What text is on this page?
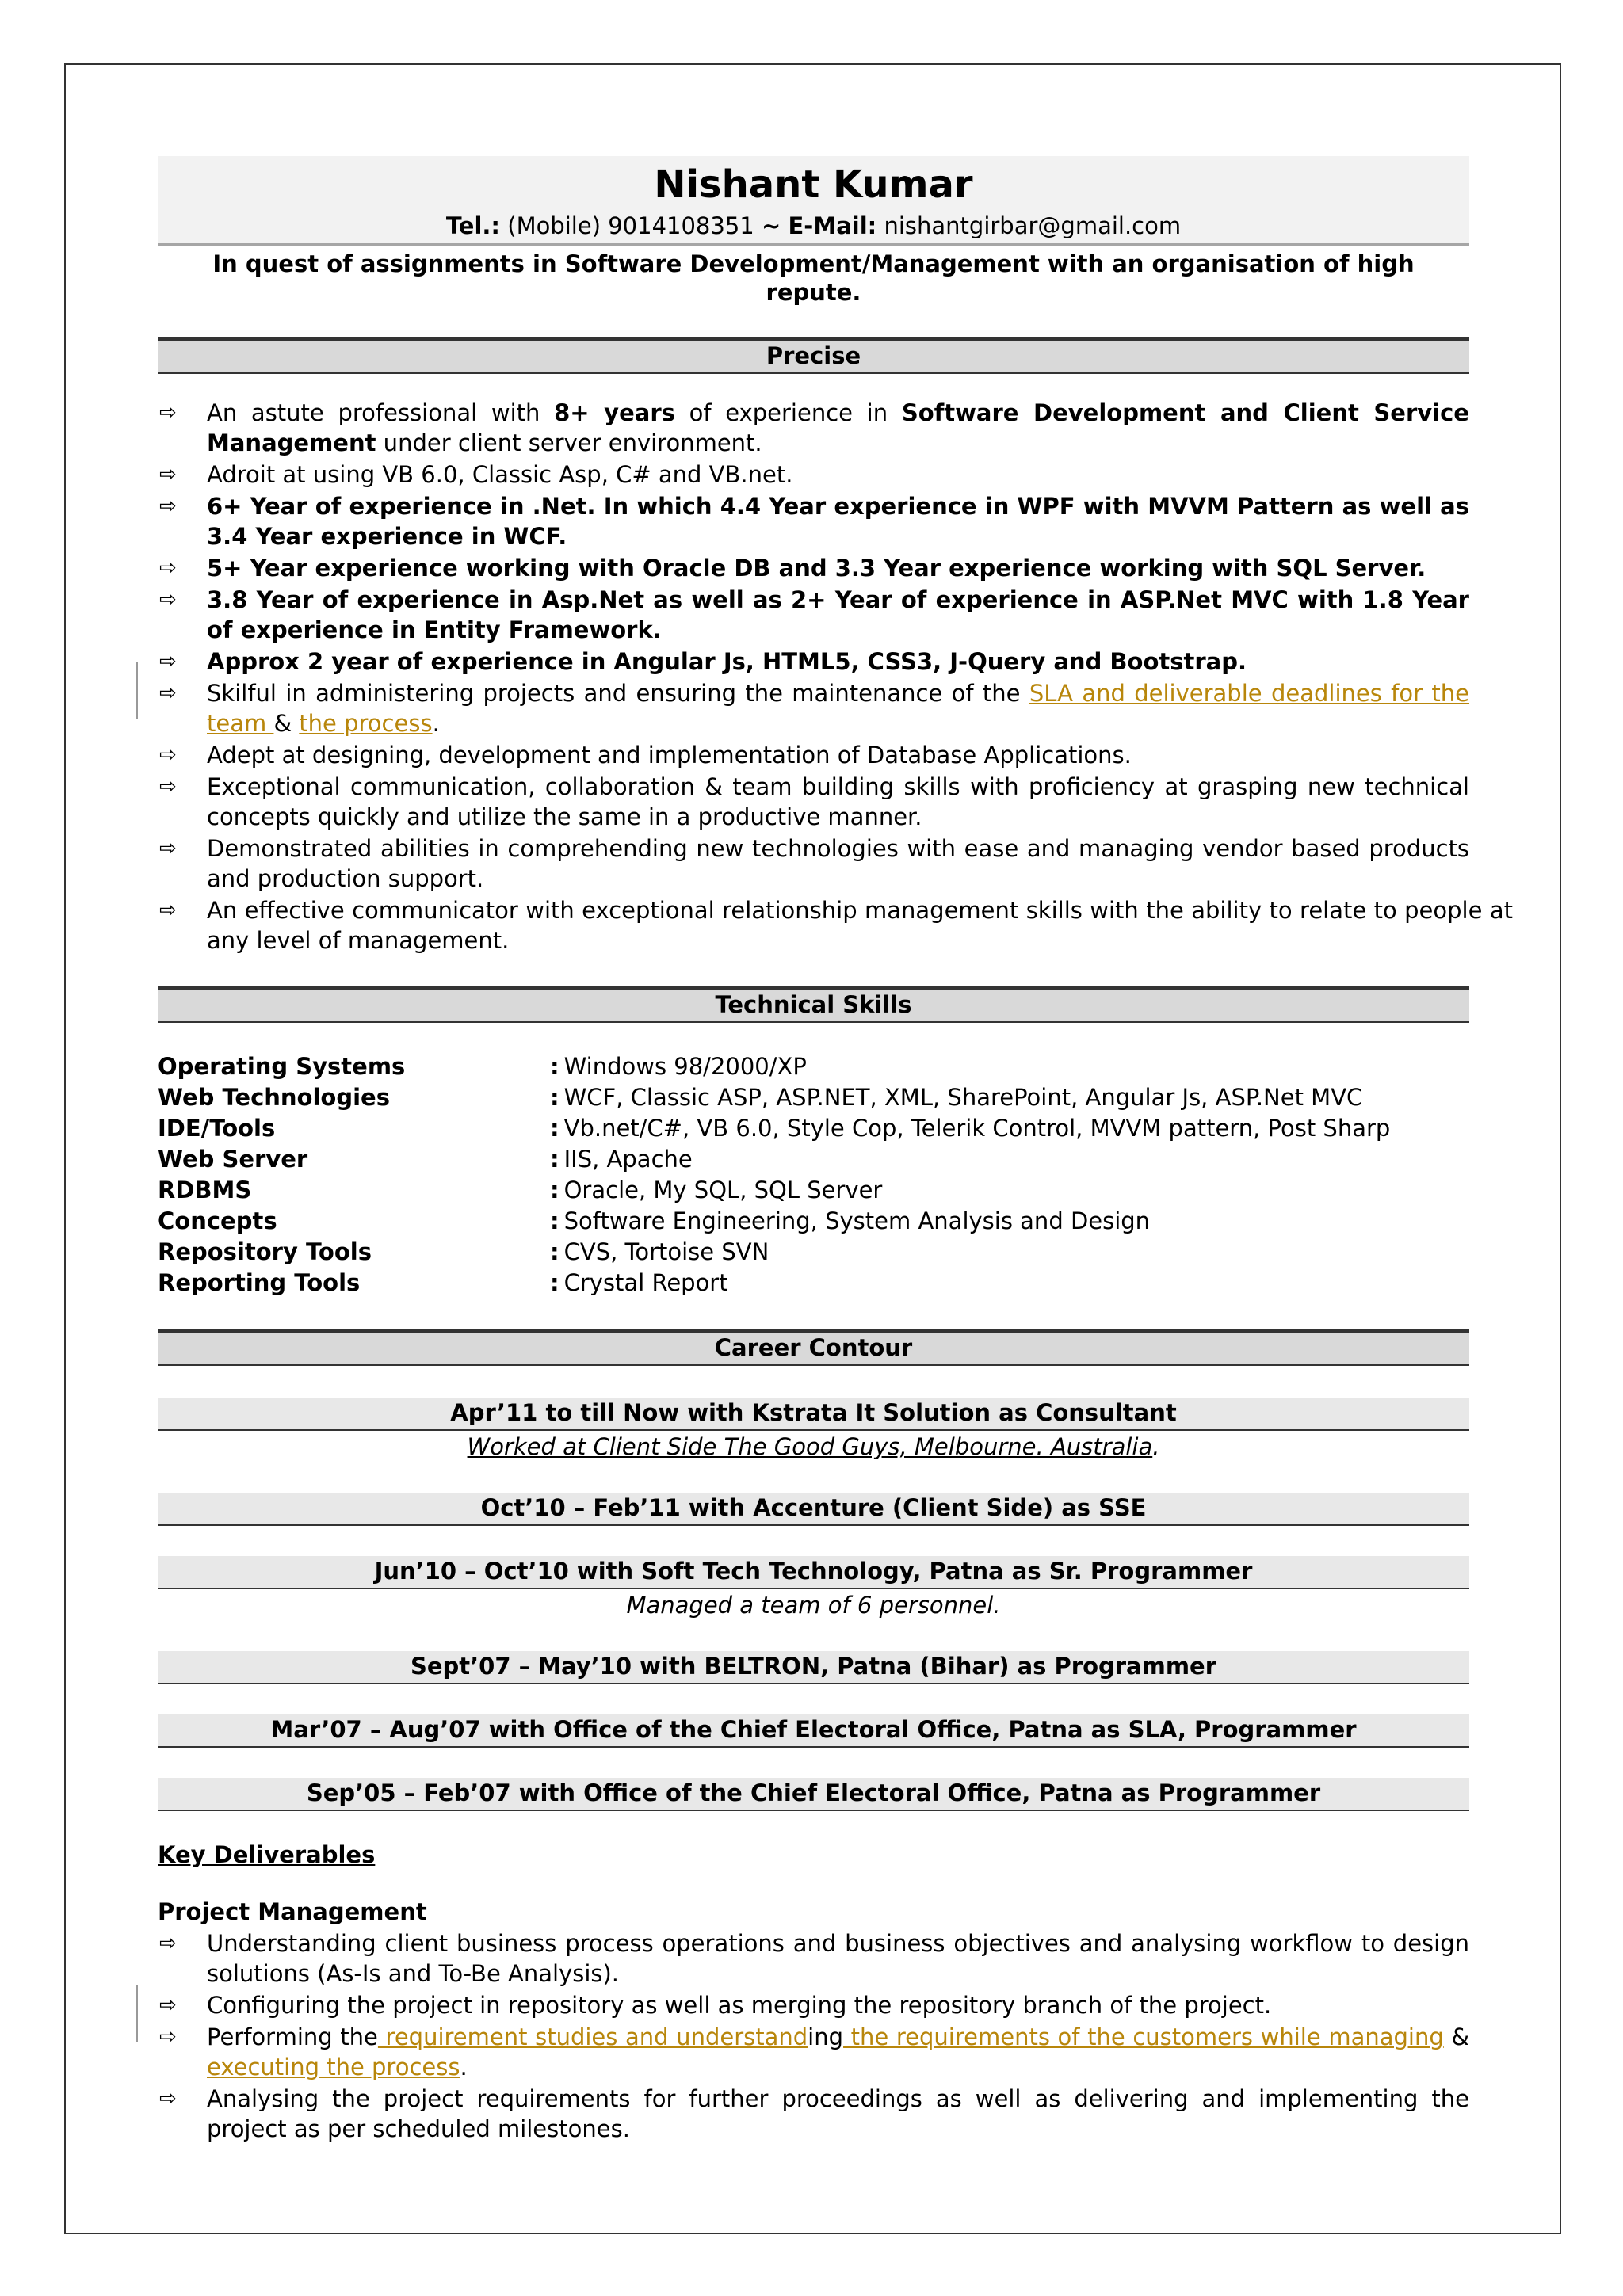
Nishant Kumar
Tel.: (Mobile) 9014108351 ~ E-Mail: nishantgirbar@gmail.com
In quest of assignments in Software Development/Management with an organisation of high repute.
Precise
⇨ An astute professional with 8+ years of experience in Software Development and Client Service Management under client server environment.
⇨ Adroit at using VB 6.0, Classic Asp, C# and VB.net.
⇨ 6+ Year of experience in .Net. In which 4.4 Year experience in WPF with MVVM Pattern as well as 3.4 Year experience in WCF.
⇨ 5+ Year experience working with Oracle DB and 3.3 Year experience working with SQL Server.
⇨ 3.8 Year of experience in Asp.Net as well as 2+ Year of experience in ASP.Net MVC with 1.8 Year of experience in Entity Framework.
⇨ Approx 2 year of experience in Angular Js, HTML5, CSS3, J-Query and Bootstrap.
⇨ Skilful in administering projects and ensuring the maintenance of the SLA and deliverable deadlines for the team & the process.
⇨ Adept at designing, development and implementation of Database Applications.
⇨ Exceptional communication, collaboration & team building skills with proficiency at grasping new technical concepts quickly and utilize the same in a productive manner.
⇨ Demonstrated abilities in comprehending new technologies with ease and managing vendor based products and production support.
⇨ An effective communicator with exceptional relationship management skills with the ability to relate to people at any level of management.
Technical Skills
Operating Systems	: Windows 98/2000/XP
Web Technologies	: WCF, Classic ASP, ASP.NET, XML, SharePoint, Angular Js, ASP.Net MVC
IDE/Tools	: Vb.net/C#, VB 6.0, Style Cop, Telerik Control, MVVM pattern, Post Sharp
Web Server	: IIS, Apache
RDBMS	: Oracle, My SQL, SQL Server
Concepts	: Software Engineering, System Analysis and Design
Repository Tools	: CVS, Tortoise SVN
Reporting Tools	: Crystal Report
Career Contour
Apr’11 to till Now with Kstrata It Solution as Consultant
Worked at Client Side The Good Guys, Melbourne. Australia.
Oct’10 – Feb’11 with Accenture (Client Side) as SSE
Jun’10 – Oct’10 with Soft Tech Technology, Patna as Sr. Programmer
Managed a team of 6 personnel.
Sept’07 – May’10 with BELTRON, Patna (Bihar) as Programmer
Mar’07 – Aug’07 with Office of the Chief Electoral Office, Patna as SLA, Programmer
Sep’05 – Feb’07 with Office of the Chief Electoral Office, Patna as Programmer
Key Deliverables
Project Management
⇨ Understanding client business process operations and business objectives and analysing workflow to design solutions (As-Is and To-Be Analysis).
⇨ Configuring the project in repository as well as merging the repository branch of the project.
⇨ Performing the requirement studies and understanding the requirements of the customers while managing & executing the process.
⇨ Analysing the project requirements for further proceedings as well as delivering and implementing the project as per scheduled milestones.
